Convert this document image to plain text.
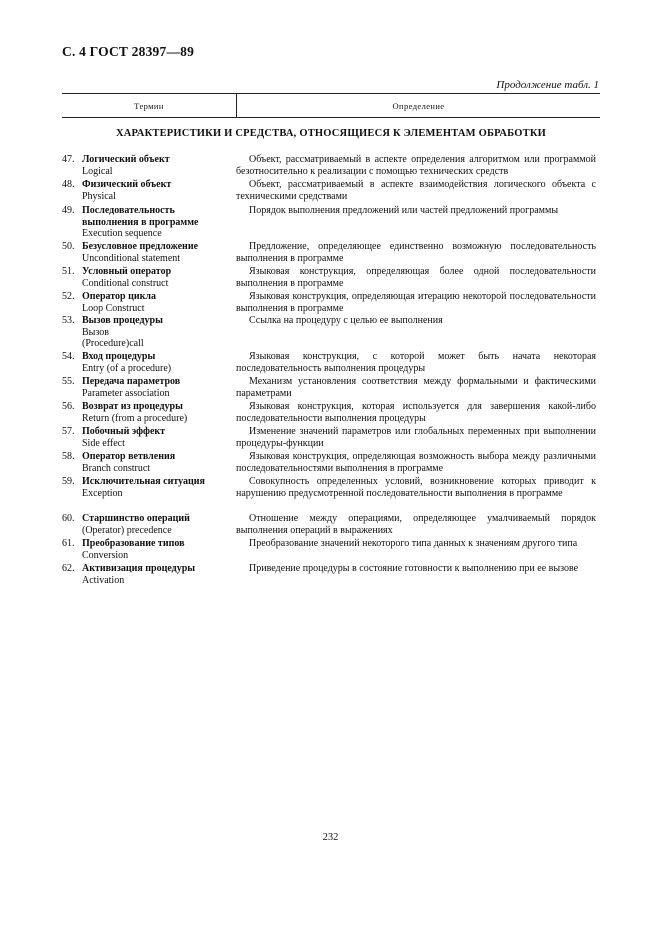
С. 4 ГОСТ 28397—89
Продолжение табл. 1
Термин	Определение
ХАРАКТЕРИСТИКИ И СРЕДСТВА, ОТНОСЯЩИЕСЯ К ЭЛЕМЕНТАМ ОБРАБОТКИ
47. Логический объект
Logical
Объект, рассматриваемый в аспекте определения алгоритмом или программой безотносительно к реализации с помощью технических средств
48. Физический объект
Physical
Объект, рассматриваемый в аспекте взаимодействия логического объекта с техническими средствами
49. Последовательность выполнения в программе
Execution sequence
Порядок выполнения предложений или частей предложений программы
50. Безусловное предложение
Unconditional statement
Предложение, определяющее единственно возможную последовательность выполнения в программе
51. Условный оператор
Conditional construct
Языковая конструкция, определяющая более одной последовательности выполнения в программе
52. Оператор цикла
Loop Construct
Языковая конструкция, определяющая итерацию некоторой последовательности выполнения в программе
53. Вызов процедуры
Вызов (Procedure)call
Ссылка на процедуру с целью ее выполнения
54. Вход процедуры
Entry (of a procedure)
Языковая конструкция, с которой может быть начата некоторая последовательность выполнения процедуры
55. Передача параметров
Parameter association
Механизм установления соответствия между формальными и фактическими параметрами
56. Возврат из процедуры
Return (from a procedure)
Языковая конструкция, которая используется для завершения какой-либо последовательности выполнения процедуры
57. Побочный эффект
Side effect
Изменение значений параметров или глобальных переменных при выполнении процедуры-функции
58. Оператор ветвления
Branch construct
Языковая конструкция, определяющая возможность выбора между различными последовательностями выполнения в программе
59. Исключительная ситуация
Exception
Совокупность определенных условий, возникновение которых приводит к нарушению предусмотренной последовательности выполнения в программе
60. Старшинство операций
(Operator) precedence
Отношение между операциями, определяющее умалчиваемый порядок выполнения операций в выражениях
61. Преобразование типов
Conversion
Преобразование значений некоторого типа данных к значениям другого типа
62. Активизация процедуры
Activation
Приведение процедуры в состояние готовности к выполнению при ее вызове
232
